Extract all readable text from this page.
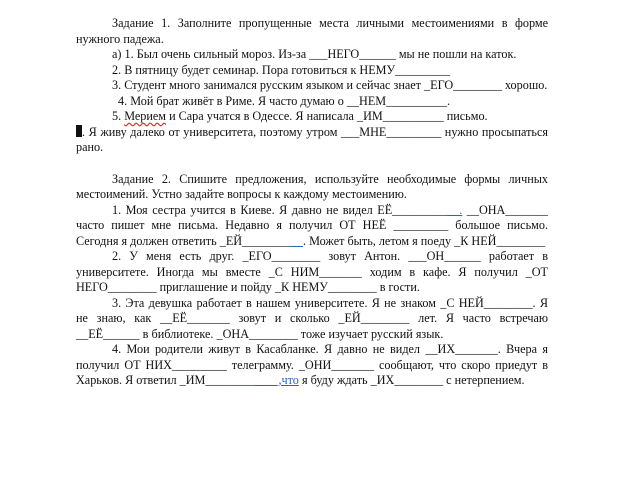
Задание 1. Заполните пропущенные места личными местоимениями в форме нужного падежа.

а) 1. Был очень сильный мороз. Из-за ___НЕГО______ мы не пошли на каток.

2. В пятницу будет семинар. Пора готовиться к НЕМУ_________

3. Студент много занимался русским языком и сейчас знает _ЕГО________ хорошо.

4. Мой брат живёт в Риме. Я часто думаю о __НЕМ__________.

5. Мерием и Сара учатся в Одессе. Я написала _ИМ__________ письмо.

. Я живу далеко от университета, поэтому утром ___МНЕ_________ нужно просыпаться рано.

Задание 2. Спишите предложения, используйте необходимые формы личных местоимений. Устно задайте вопросы к каждому местоимению.

1. Моя сестра учится в Киеве. Я давно не видел ЕЁ___________. __ОНА_______ часто пишет мне письма. Недавно я получил ОТ НЕЁ _________ большое письмо. Сегодня я должен ответить _ЕЙ__________. Может быть, летом я поеду _К НЕЙ________

2. У меня есть друг. _ЕГО________ зовут Антон. ___ОН______ работает в университете. Иногда мы вместе _С НИМ_______ ходим в кафе. Я получил _ОТ НЕГО________ приглашение и пойду _К НЕМУ________ в гости.

3. Эта девушка работает в нашем университете. Я не знаком _С НЕЙ________. Я не знаю, как __ЕЁ_______ зовут и сколько _ЕЙ________ лет. Я часто встречаю __ЕЁ______ в библиотеке. _ОНА________ тоже изучает русский язык.

4. Мои родители живут в Касабланке. Я давно не видел __ИХ_______. Вчера я получил ОТ НИХ_________ телеграмму. _ОНИ_______ сообщают, что скоро приедут в Харьков. Я ответил _ИМ____________,что я буду ждать _ИХ________ с нетерпением.
